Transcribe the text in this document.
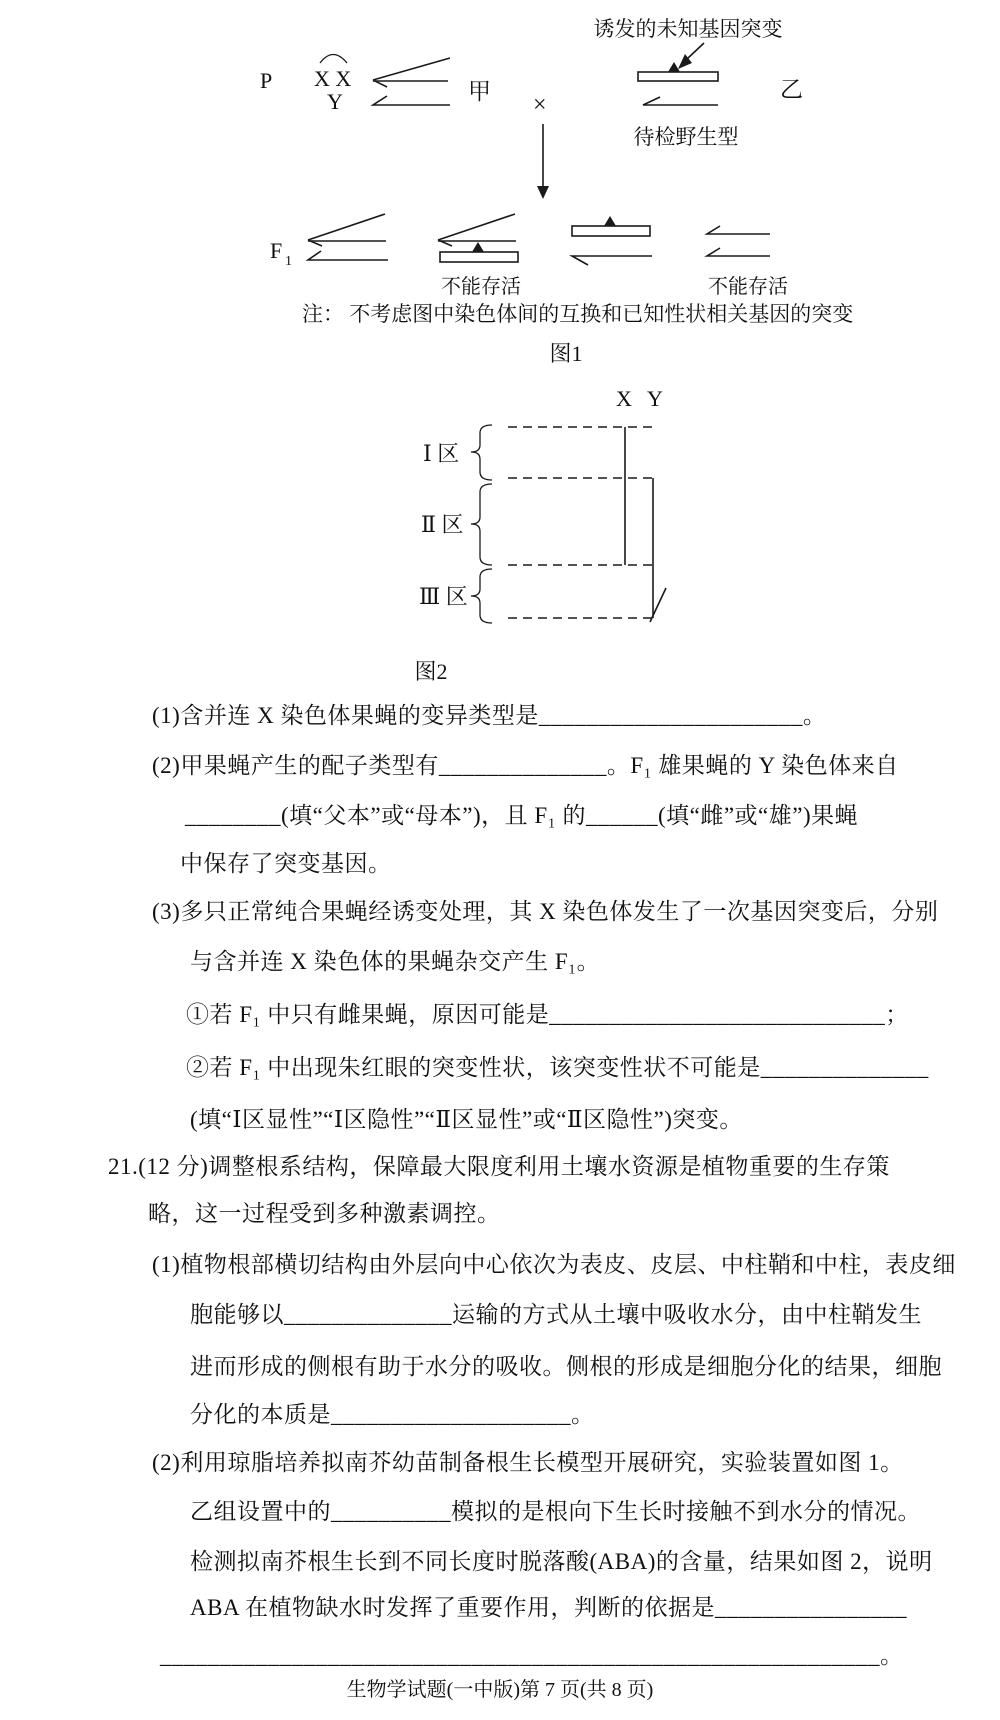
P X X
Y	甲
×
诱发的未知基因突变
待检野生型
乙
F 1
不能存活	不能存活
注： 不考虑图中染色体间的互换和已知性状相关基因的突变
图1
X Y
Ⅰ 区
Ⅱ 区
Ⅲ 区
图2
(1)含并连 X 染色体果蝇的变异类型是______________________。
(2)甲果蝇产生的配子类型有______________。F₁ 雄果蝇的 Y 染色体来自
________(填“父本”或“母本”)，且 F₁ 的______(填“雌”或“雄”)果蝇
中保存了突变基因。
(3)多只正常纯合果蝇经诱变处理，其 X 染色体发生了一次基因突变后，分别
与含并连 X 染色体的果蝇杂交产生 F₁。
①若 F₁ 中只有雌果蝇，原因可能是____________________________；
②若 F₁ 中出现朱红眼的突变性状，该突变性状不可能是______________
(填“Ⅰ区显性”“Ⅰ区隐性”“Ⅱ区显性”或“Ⅱ区隐性”)突变。
21.(12 分)调整根系结构，保障最大限度利用土壤水资源是植物重要的生存策
略，这一过程受到多种激素调控。
(1)植物根部横切结构由外层向中心依次为表皮、皮层、中柱鞘和中柱，表皮细
胞能够以______________运输的方式从土壤中吸收水分，由中柱鞘发生
进而形成的侧根有助于水分的吸收。侧根的形成是细胞分化的结果，细胞
分化的本质是____________________。
(2)利用琼脂培养拟南芥幼苗制备根生长模型开展研究，实验装置如图 1。
乙组设置中的__________模拟的是根向下生长时接触不到水分的情况。
检测拟南芥根生长到不同长度时脱落酸(ABA)的含量，结果如图 2，说明
ABA 在植物缺水时发挥了重要作用，判断的依据是________________
____________________________________________________________。
生物学试题(一中版)第 7 页(共 8 页)
